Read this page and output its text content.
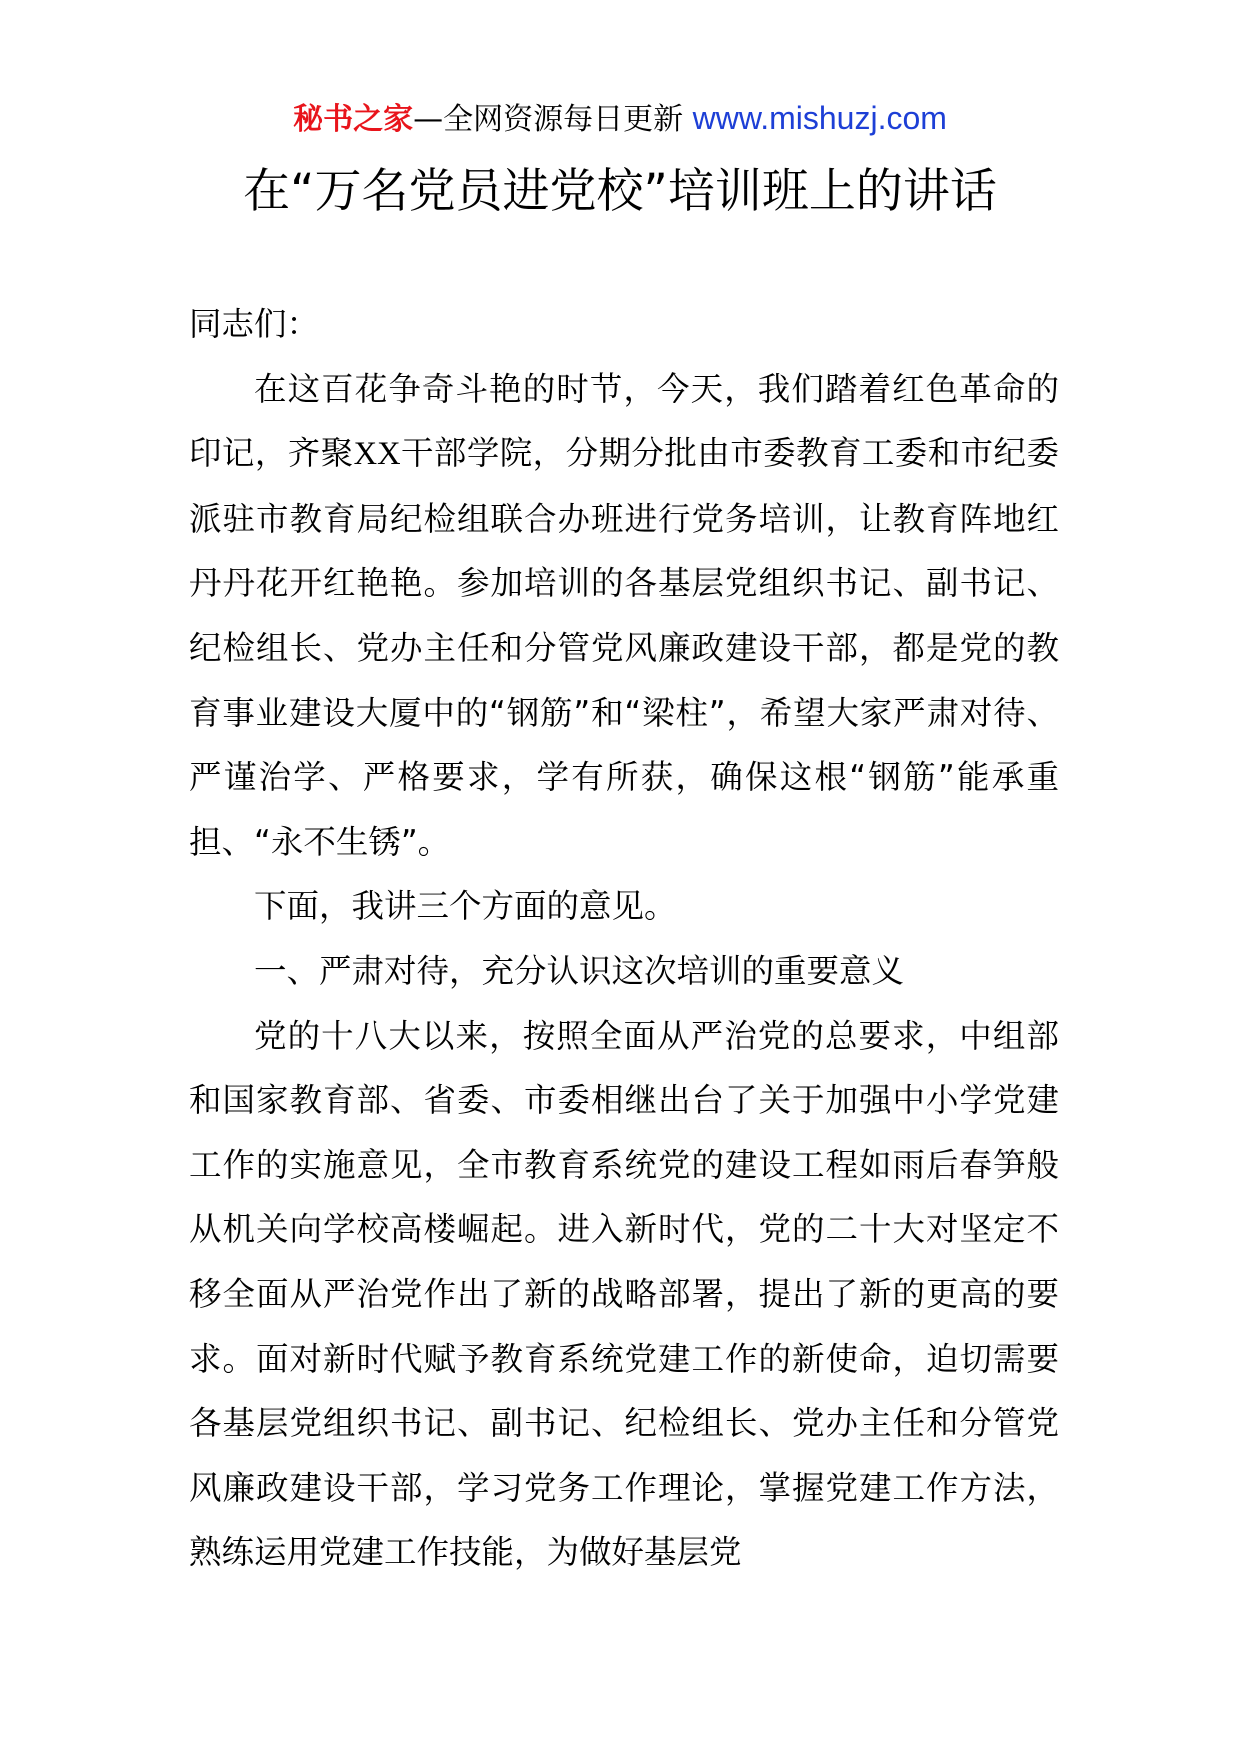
秘书之家—全网资源每日更新 www.mishuzj.com
在“万名党员进党校”培训班上的讲话

同志们：

在这百花争奇斗艳的时节，今天，我们踏着红色革命的印记，齐聚XX干部学院，分期分批由市委教育工委和市纪委派驻市教育局纪检组联合办班进行党务培训，让教育阵地红丹丹花开红艳艳。参加培训的各基层党组织书记、副书记、纪检组长、党办主任和分管党风廉政建设干部，都是党的教育事业建设大厦中的“钢筋”和“梁柱”，希望大家严肃对待、严谨治学、严格要求，学有所获，确保这根“钢筋”能承重担、“永不生锈”。

下面，我讲三个方面的意见。

一、严肃对待，充分认识这次培训的重要意义

党的十八大以来，按照全面从严治党的总要求，中组部和国家教育部、省委、市委相继出台了关于加强中小学党建工作的实施意见，全市教育系统党的建设工程如雨后春笋般从机关向学校高楼崛起。进入新时代，党的二十大对坚定不移全面从严治党作出了新的战略部署，提出了新的更高的要求。面对新时代赋予教育系统党建工作的新使命，迫切需要各基层党组织书记、副书记、纪检组长、党办主任和分管党风廉政建设干部，学习党务工作理论，掌握党建工作方法，熟练运用党建工作技能，为做好基层党
